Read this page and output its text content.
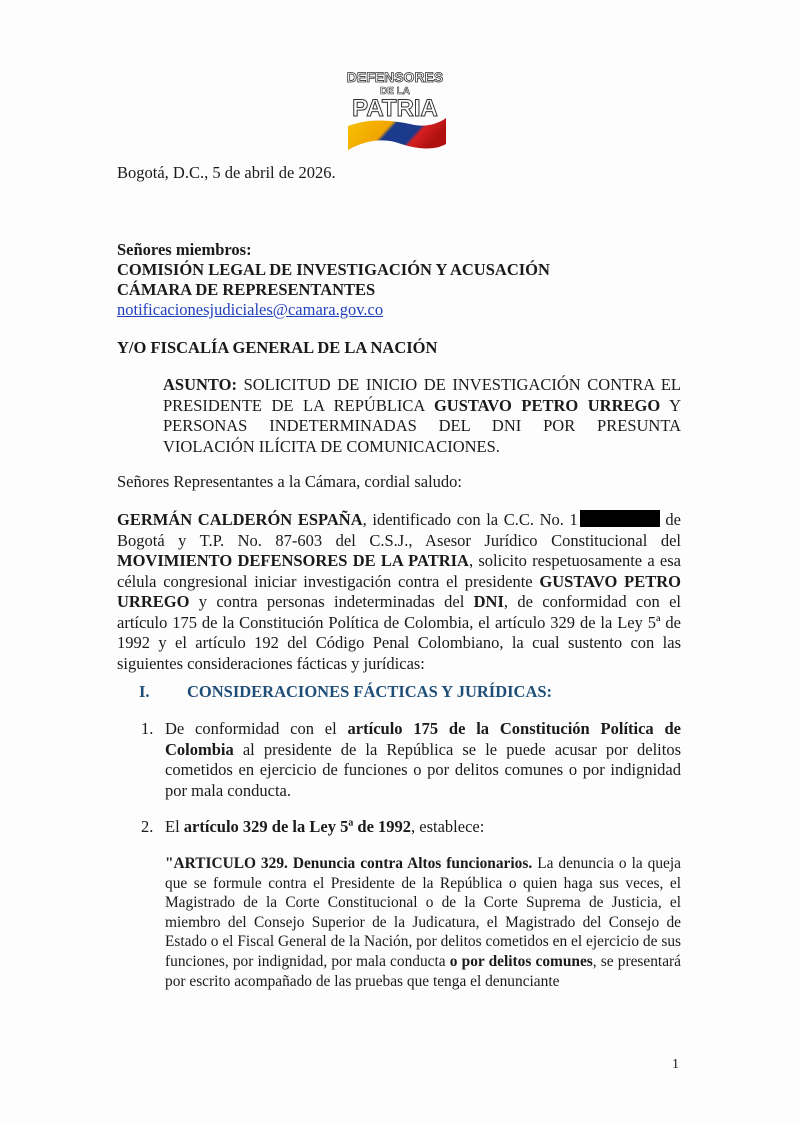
DEFENSORES
DE LA
PATRIA
Bogotá, D.C., 5 de abril de 2026.
Señores miembros:
COMISIÓN LEGAL DE INVESTIGACIÓN Y ACUSACIÓN
CÁMARA DE REPRESENTANTES
notificacionesjudiciales@camara.gov.co
Y/O FISCALÍA GENERAL DE LA NACIÓN
ASUNTO: SOLICITUD DE INICIO DE INVESTIGACIÓN CONTRA EL PRESIDENTE DE LA REPÚBLICA GUSTAVO PETRO URREGO Y PERSONAS INDETERMINADAS DEL DNI POR PRESUNTA VIOLACIÓN ILÍCITA DE COMUNICACIONES.
Señores Representantes a la Cámara, cordial saludo:
GERMÁN CALDERÓN ESPAÑA, identificado con la C.C. No. 1	de Bogotá y T.P. No. 87-603 del C.S.J., Asesor Jurídico Constitucional del MOVIMIENTO DEFENSORES DE LA PATRIA, solicito respetuosamente a esa célula congresional iniciar investigación contra el presidente GUSTAVO PETRO URREGO y contra personas indeterminadas del DNI, de conformidad con el artículo 175 de la Constitución Política de Colombia, el artículo 329 de la Ley 5ª de 1992 y el artículo 192 del Código Penal Colombiano, la cual sustento con las siguientes consideraciones fácticas y jurídicas:
I. CONSIDERACIONES FÁCTICAS Y JURÍDICAS:
1. De conformidad con el artículo 175 de la Constitución Política de Colombia al presidente de la República se le puede acusar por delitos cometidos en ejercicio de funciones o por delitos comunes o por indignidad por mala conducta.
2. El artículo 329 de la Ley 5ª de 1992, establece:
"ARTICULO 329. Denuncia contra Altos funcionarios. La denuncia o la queja que se formule contra el Presidente de la República o quien haga sus veces, el Magistrado de la Corte Constitucional o de la Corte Suprema de Justicia, el miembro del Consejo Superior de la Judicatura, el Magistrado del Consejo de Estado o el Fiscal General de la Nación, por delitos cometidos en el ejercicio de sus funciones, por indignidad, por mala conducta o por delitos comunes, se presentará por escrito acompañado de las pruebas que tenga el denunciante
1
